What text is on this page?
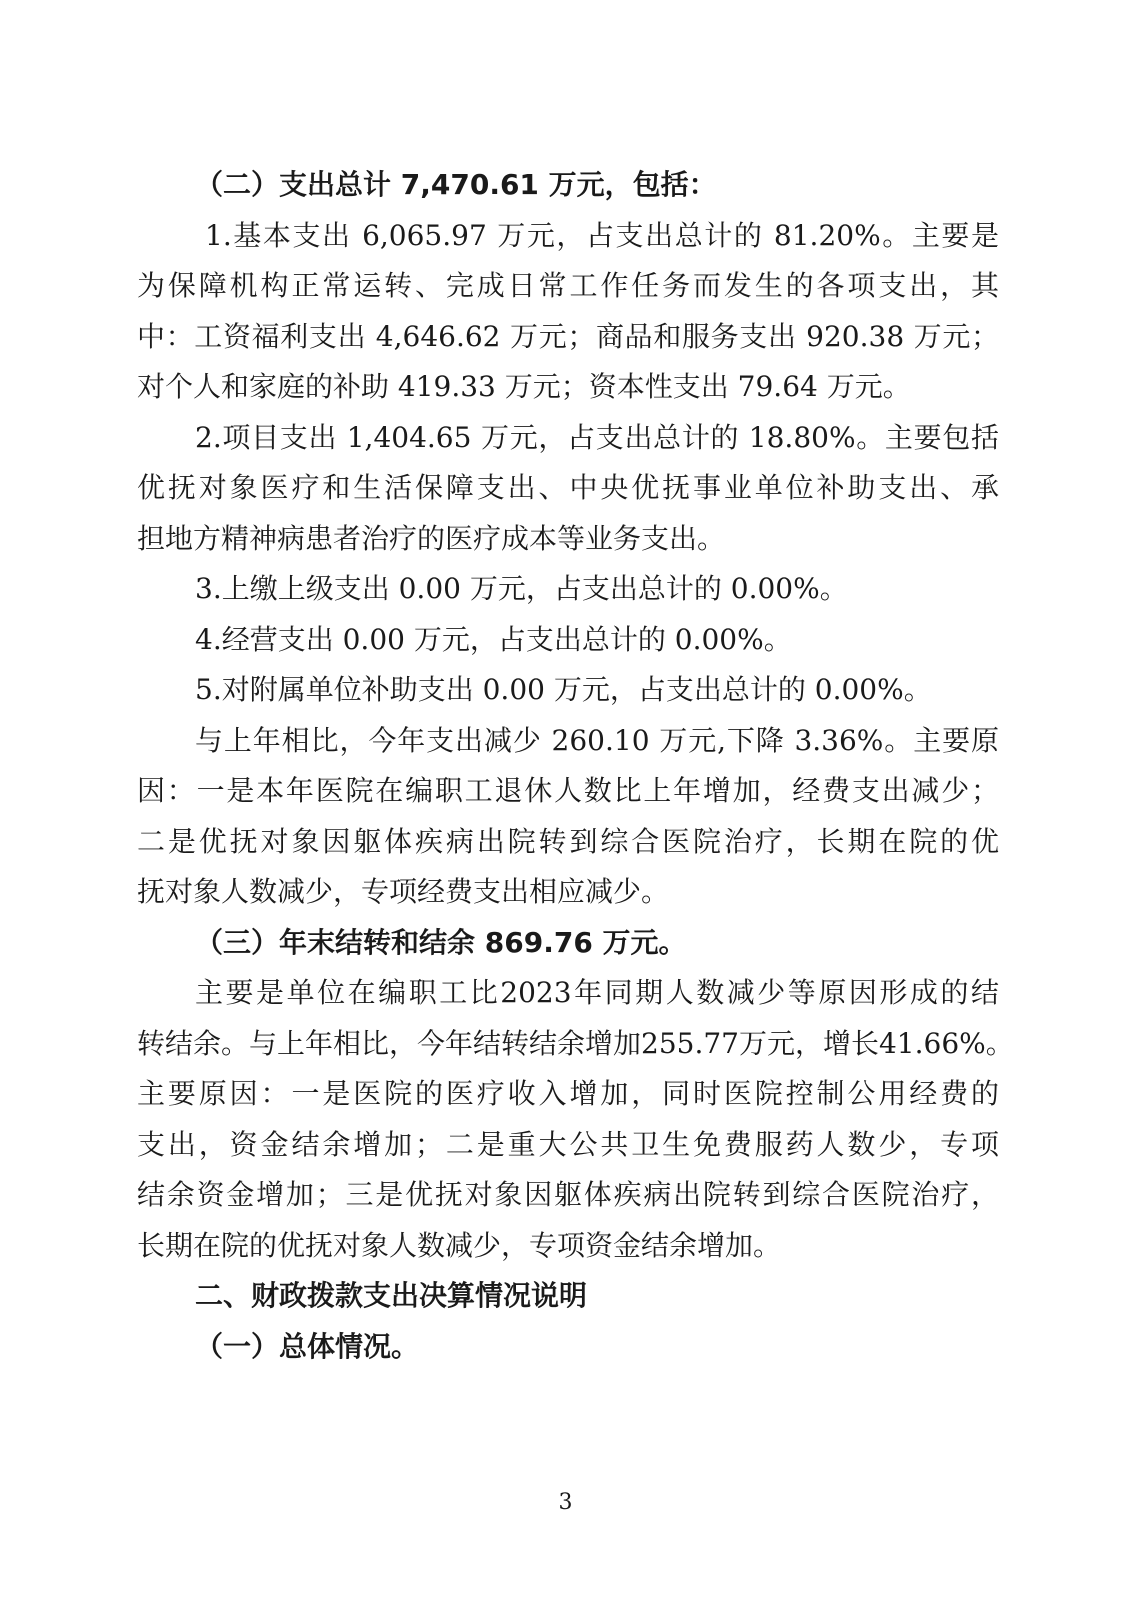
（二）支出总计 7,470.61 万元，包括：
1.基本支出 6,065.97 万元，占支出总计的 81.20%。主要是
为保障机构正常运转、完成日常工作任务而发生的各项支出，其
中：工资福利支出 4,646.62 万元；商品和服务支出 920.38 万元；
对个人和家庭的补助 419.33 万元；资本性支出 79.64 万元。
2.项目支出 1,404.65 万元，占支出总计的 18.80%。主要包括
优抚对象医疗和生活保障支出、中央优抚事业单位补助支出、承
担地方精神病患者治疗的医疗成本等业务支出。
3.上缴上级支出 0.00 万元，占支出总计的 0.00%。
4.经营支出 0.00 万元，占支出总计的 0.00%。
5.对附属单位补助支出 0.00 万元，占支出总计的 0.00%。
与上年相比，今年支出减少 260.10 万元,下降 3.36%。主要原
因：一是本年医院在编职工退休人数比上年增加，经费支出减少；
二是优抚对象因躯体疾病出院转到综合医院治疗，长期在院的优
抚对象人数减少，专项经费支出相应减少。
（三）年末结转和结余 869.76 万元。
主要是单位在编职工比2023年同期人数减少等原因形成的结
转结余。与上年相比，今年结转结余增加255.77万元，增长41.66%。
主要原因：一是医院的医疗收入增加，同时医院控制公用经费的
支出，资金结余增加；二是重大公共卫生免费服药人数少，专项
结余资金增加；三是优抚对象因躯体疾病出院转到综合医院治疗，
长期在院的优抚对象人数减少，专项资金结余增加。
二、财政拨款支出决算情况说明
（一）总体情况。
3
